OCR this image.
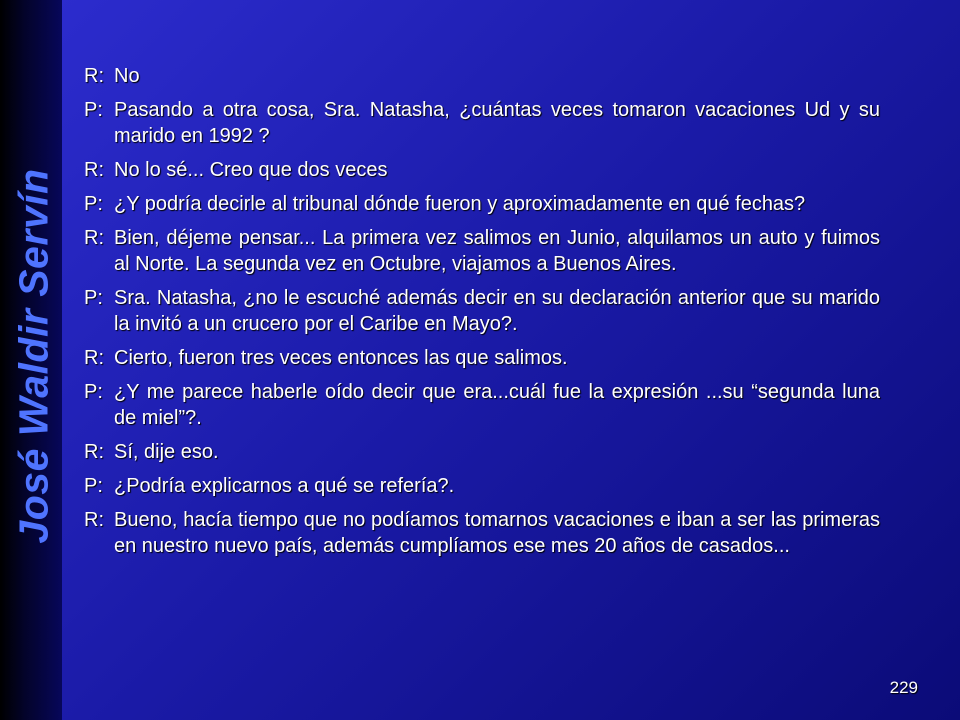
José Waldir Servín
R: No
P: Pasando a otra cosa, Sra. Natasha, ¿cuántas veces tomaron vacaciones Ud y su marido en 1992 ?
R: No lo sé... Creo que dos veces
P: ¿Y podría decirle al tribunal dónde fueron y aproximadamente en qué fechas?
R: Bien, déjeme pensar... La primera vez salimos en Junio, alquilamos un auto y fuimos al Norte. La segunda vez en Octubre, viajamos a Buenos Aires.
P: Sra. Natasha, ¿no le escuché además decir en su declaración anterior que su marido la invitó a un crucero por el Caribe en Mayo?.
R: Cierto, fueron tres veces entonces las que salimos.
P: ¿Y me parece haberle oído decir que era...cuál fue la expresión ...su “segunda luna de miel”?.
R: Sí, dije eso.
P: ¿Podría explicarnos a qué se refería?.
R: Bueno, hacía tiempo que no podíamos tomarnos vacaciones e iban a ser las primeras en nuestro nuevo país, además cumplíamos ese mes 20 años de casados...
229
